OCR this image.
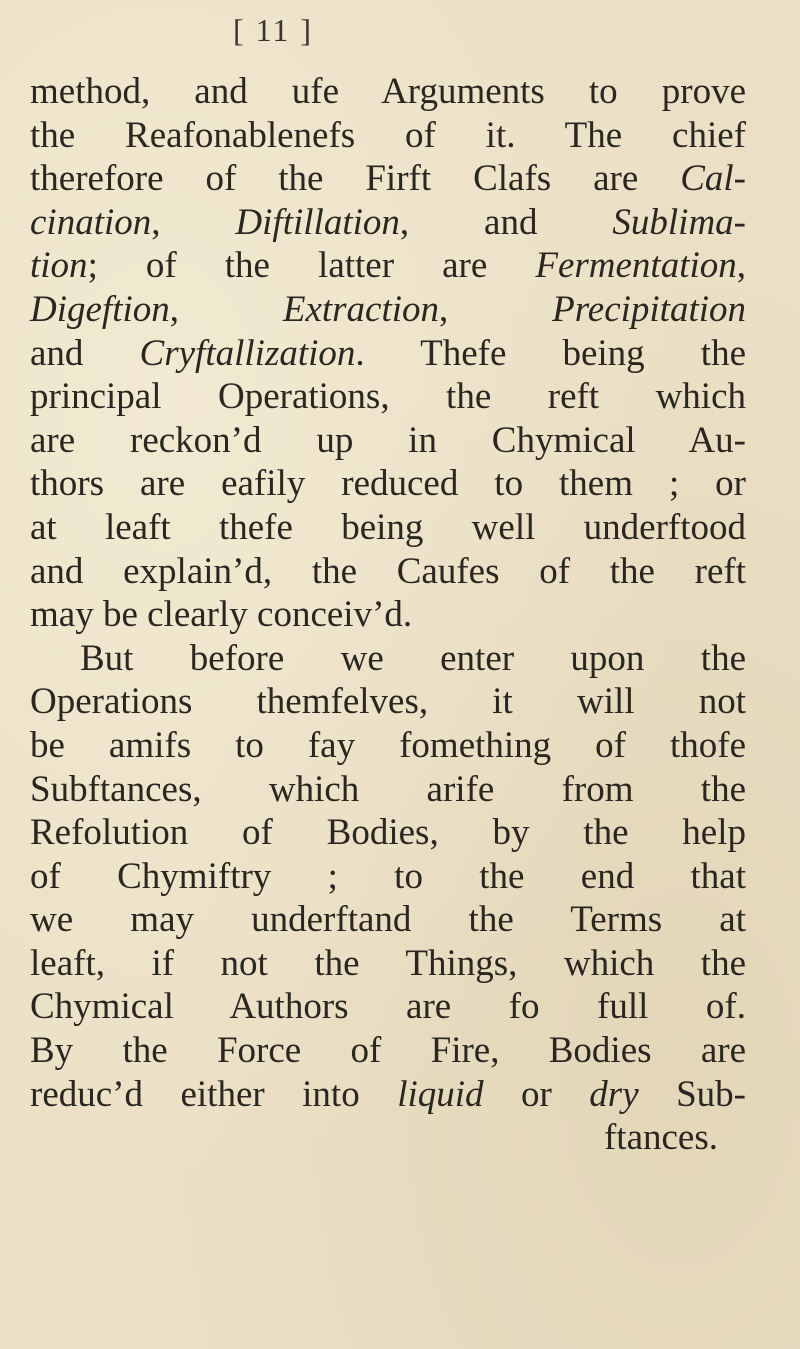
[ 11 ]
method, and ufe Arguments to prove
the Reafonablenefs of it. The chief
therefore of the Firft Clafs are Cal-
cination, Diftillation, and Sublima-
tion; of the latter are Fermentation,
Digeftion, Extraction, Precipitation
and Cryftallization. Thefe being the
principal Operations, the reft which
are reckon’d up in Chymical Au-
thors are eafily reduced to them ; or
at leaft thefe being well underftood
and explain’d, the Caufes of the reft
may be clearly conceiv’d.
But before we enter upon the
Operations themfelves, it will not
be amifs to fay fomething of thofe
Subftances, which arife from the
Refolution of Bodies, by the help
of Chymiftry ; to the end that
we may underftand the Terms at
leaft, if not the Things, which the
Chymical Authors are fo full of.
By the Force of Fire, Bodies are
reduc’d either into liquid or dry Sub-
ftances.
